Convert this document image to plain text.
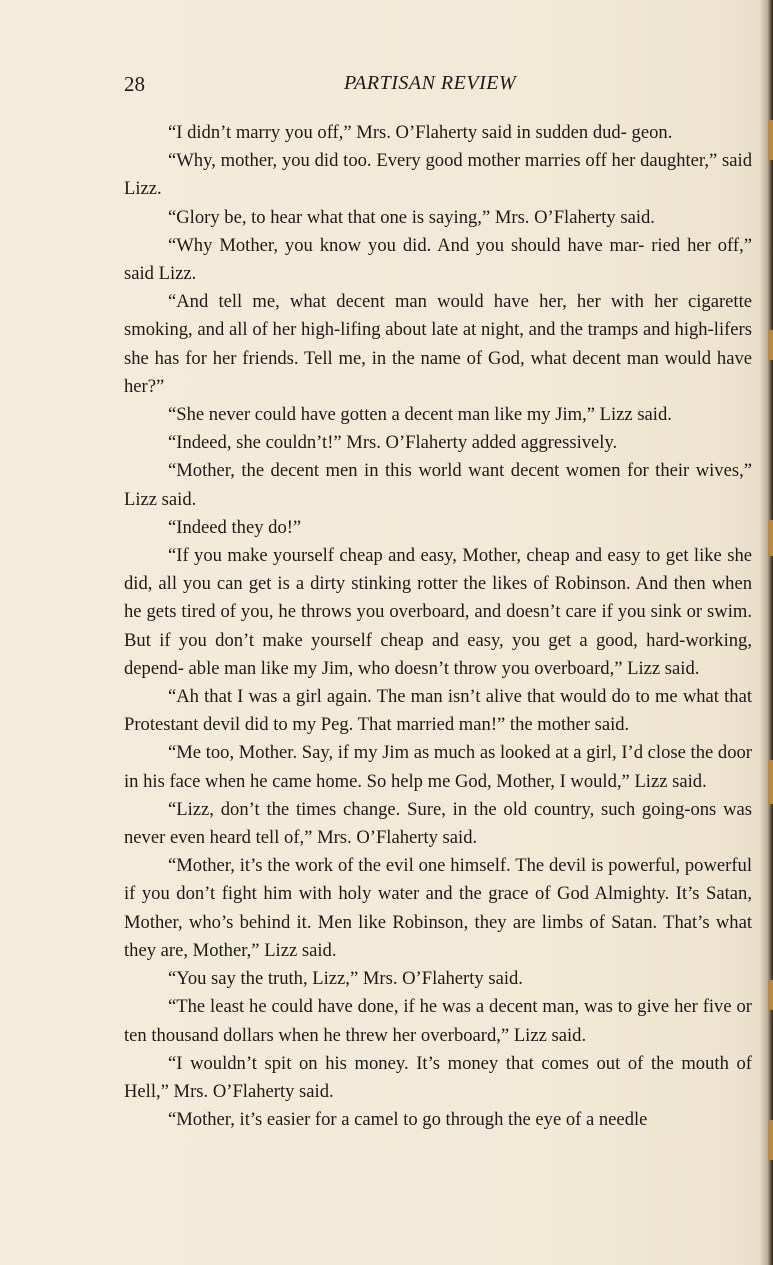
28	PARTISAN REVIEW

“I didn’t marry you off,” Mrs. O’Flaherty said in sudden dud- geon.

“Why, mother, you did too. Every good mother marries off her daughter,” said Lizz.

“Glory be, to hear what that one is saying,” Mrs. O’Flaherty said.

“Why Mother, you know you did. And you should have mar- ried her off,” said Lizz.

“And tell me, what decent man would have her, her with her cigarette smoking, and all of her high-lifing about late at night, and the tramps and high-lifers she has for her friends. Tell me, in the name of God, what decent man would have her?”

“She never could have gotten a decent man like my Jim,” Lizz said.

“Indeed, she couldn’t!” Mrs. O’Flaherty added aggressively.

“Mother, the decent men in this world want decent women for their wives,” Lizz said.

“Indeed they do!”

“If you make yourself cheap and easy, Mother, cheap and easy to get like she did, all you can get is a dirty stinking rotter the likes of Robinson. And then when he gets tired of you, he throws you overboard, and doesn’t care if you sink or swim. But if you don’t make yourself cheap and easy, you get a good, hard-working, depend- able man like my Jim, who doesn’t throw you overboard,” Lizz said.

“Ah that I was a girl again. The man isn’t alive that would do to me what that Protestant devil did to my Peg. That married man!” the mother said.

“Me too, Mother. Say, if my Jim as much as looked at a girl, I’d close the door in his face when he came home. So help me God, Mother, I would,” Lizz said.

“Lizz, don’t the times change. Sure, in the old country, such going-ons was never even heard tell of,” Mrs. O’Flaherty said.

“Mother, it’s the work of the evil one himself. The devil is powerful, powerful if you don’t fight him with holy water and the grace of God Almighty. It’s Satan, Mother, who’s behind it. Men like Robinson, they are limbs of Satan. That’s what they are, Mother,” Lizz said.

“You say the truth, Lizz,” Mrs. O’Flaherty said.

“The least he could have done, if he was a decent man, was to give her five or ten thousand dollars when he threw her overboard,” Lizz said.

“I wouldn’t spit on his money. It’s money that comes out of the mouth of Hell,” Mrs. O’Flaherty said.

“Mother, it’s easier for a camel to go through the eye of a needle
